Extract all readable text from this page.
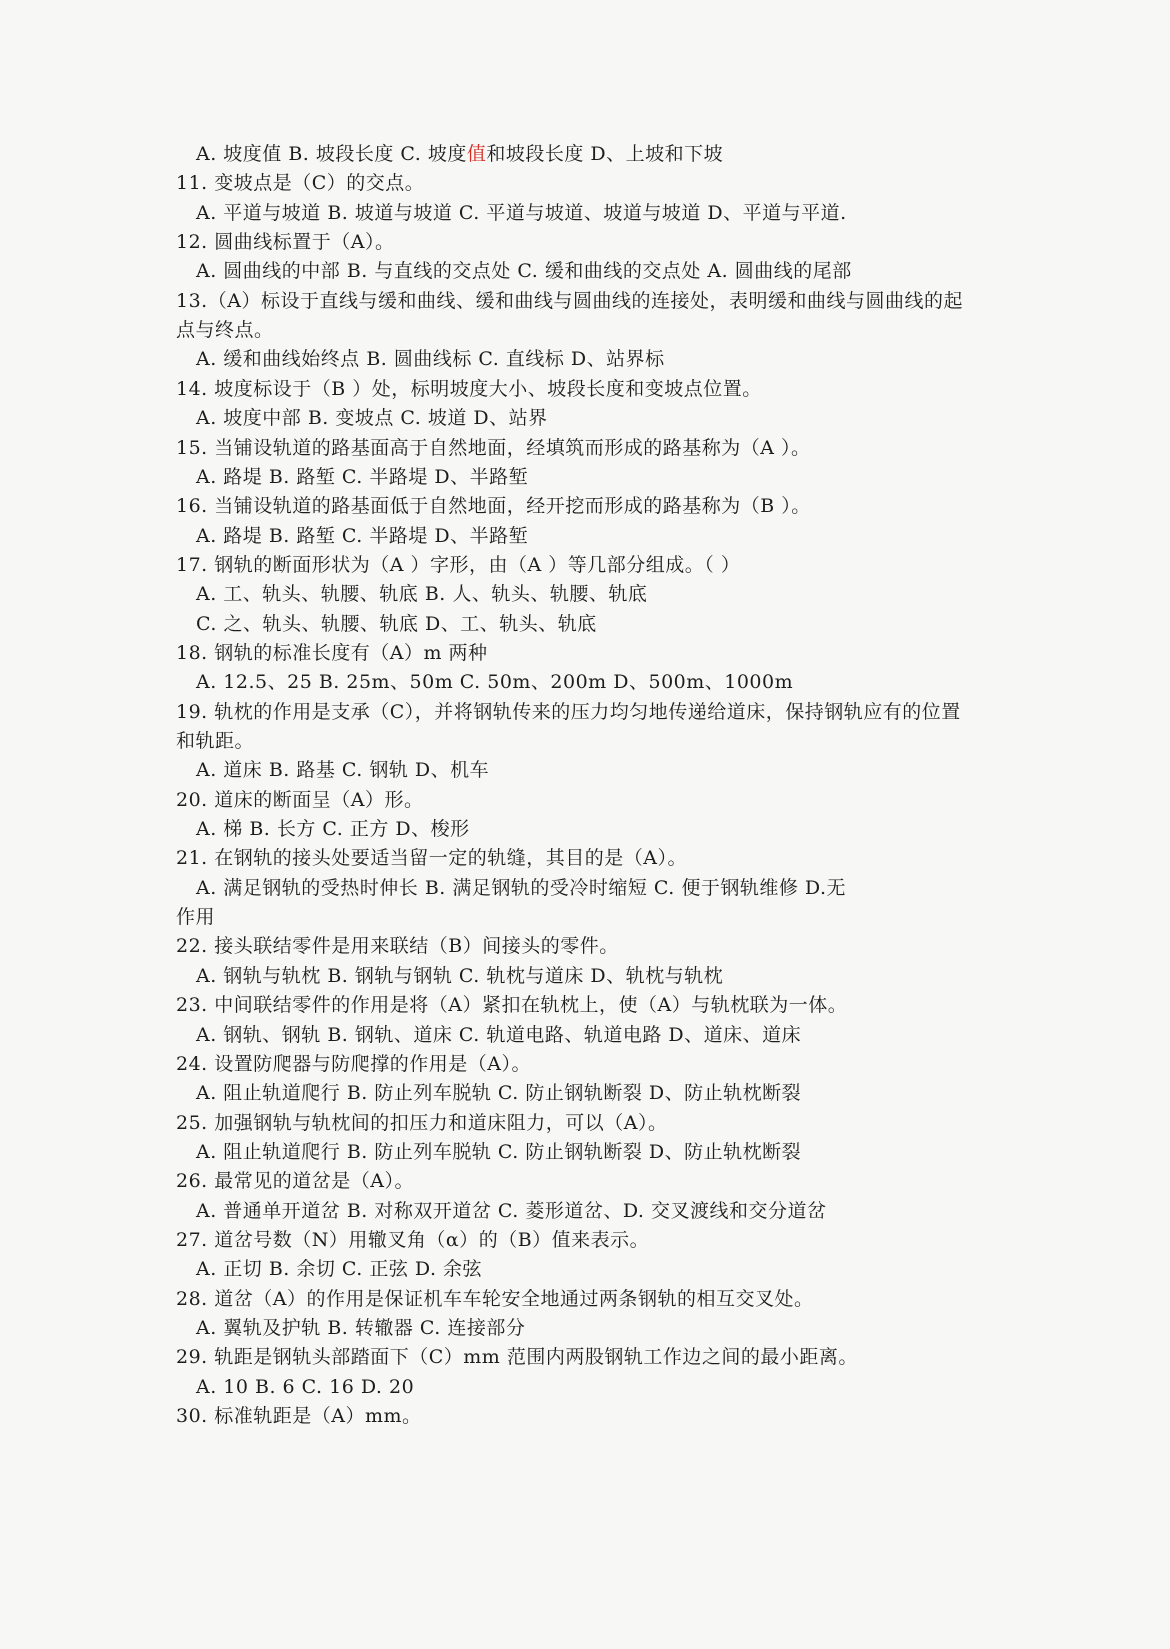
A. 坡度值 B. 坡段长度 C. 坡度值和坡段长度 D、上坡和下坡
11. 变坡点是（C）的交点。
A. 平道与坡道 B. 坡道与坡道 C. 平道与坡道、坡道与坡道 D、平道与平道.
12. 圆曲线标置于（A）。
A. 圆曲线的中部 B. 与直线的交点处 C. 缓和曲线的交点处 A. 圆曲线的尾部
13.（A）标设于直线与缓和曲线、缓和曲线与圆曲线的连接处，表明缓和曲线与圆曲线的起
点与终点。
A. 缓和曲线始终点 B. 圆曲线标 C. 直线标 D、站界标
14. 坡度标设于（B ）处，标明坡度大小、坡段长度和变坡点位置。
A. 坡度中部 B. 变坡点 C. 坡道 D、站界
15. 当铺设轨道的路基面高于自然地面，经填筑而形成的路基称为（A ）。
A. 路堤 B. 路堑 C. 半路堤 D、半路堑
16. 当铺设轨道的路基面低于自然地面，经开挖而形成的路基称为（B ）。
A. 路堤 B. 路堑 C. 半路堤 D、半路堑
17. 钢轨的断面形状为（A ）字形，由（A ）等几部分组成。（ ）
A. 工、轨头、轨腰、轨底 B. 人、轨头、轨腰、轨底
C. 之、轨头、轨腰、轨底 D、工、轨头、轨底
18. 钢轨的标准长度有（A）m 两种
A. 12.5、25 B. 25m、50m C. 50m、200m D、500m、1000m
19. 轨枕的作用是支承（C），并将钢轨传来的压力均匀地传递给道床，保持钢轨应有的位置
和轨距。
A. 道床 B. 路基 C. 钢轨 D、机车
20. 道床的断面呈（A）形。
A. 梯 B. 长方 C. 正方 D、梭形
21. 在钢轨的接头处要适当留一定的轨缝，其目的是（A）。
A. 满足钢轨的受热时伸长 B. 满足钢轨的受冷时缩短 C. 便于钢轨维修 D.无
作用
22. 接头联结零件是用来联结（B）间接头的零件。
A. 钢轨与轨枕 B. 钢轨与钢轨 C. 轨枕与道床 D、轨枕与轨枕
23. 中间联结零件的作用是将（A）紧扣在轨枕上，使（A）与轨枕联为一体。
A. 钢轨、钢轨 B. 钢轨、道床 C. 轨道电路、轨道电路 D、道床、道床
24. 设置防爬器与防爬撑的作用是（A）。
A. 阻止轨道爬行 B. 防止列车脱轨 C. 防止钢轨断裂 D、防止轨枕断裂
25. 加强钢轨与轨枕间的扣压力和道床阻力，可以（A）。
A. 阻止轨道爬行 B. 防止列车脱轨 C. 防止钢轨断裂 D、防止轨枕断裂
26. 最常见的道岔是（A）。
A. 普通单开道岔 B. 对称双开道岔 C. 菱形道岔、D. 交叉渡线和交分道岔
27. 道岔号数（N）用辙叉角（α）的（B）值来表示。
A. 正切 B. 余切 C. 正弦 D. 余弦
28. 道岔（A）的作用是保证机车车轮安全地通过两条钢轨的相互交叉处。
A. 翼轨及护轨 B. 转辙器 C. 连接部分
29. 轨距是钢轨头部踏面下（C）mm 范围内两股钢轨工作边之间的最小距离。
A. 10 B. 6 C. 16 D. 20
30. 标准轨距是（A）mm。
